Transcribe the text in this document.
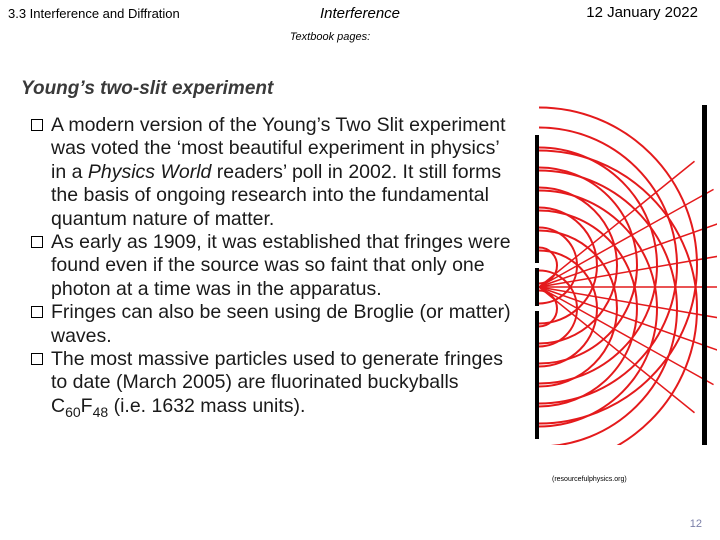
3.3 Interference and Diffration	Interference	12 January 2022
Textbook pages:
Young’s two-slit experiment
A modern version of the Young’s Two Slit experiment was voted the ‘most beautiful experiment in physics’ in a Physics World readers’ poll in 2002. It still forms the basis of ongoing research into the fundamental quantum nature of matter.
As early as 1909, it was established that fringes were found even if the source was so faint that only one photon at a time was in the apparatus.
Fringes can also be seen using de Broglie (or matter) waves.
The most massive particles used to generate fringes to date (March 2005) are fluorinated buckyballs $C_{60}F_{48}$ (i.e. 1632 mass units).
(resourcefulphysics.org)
12
